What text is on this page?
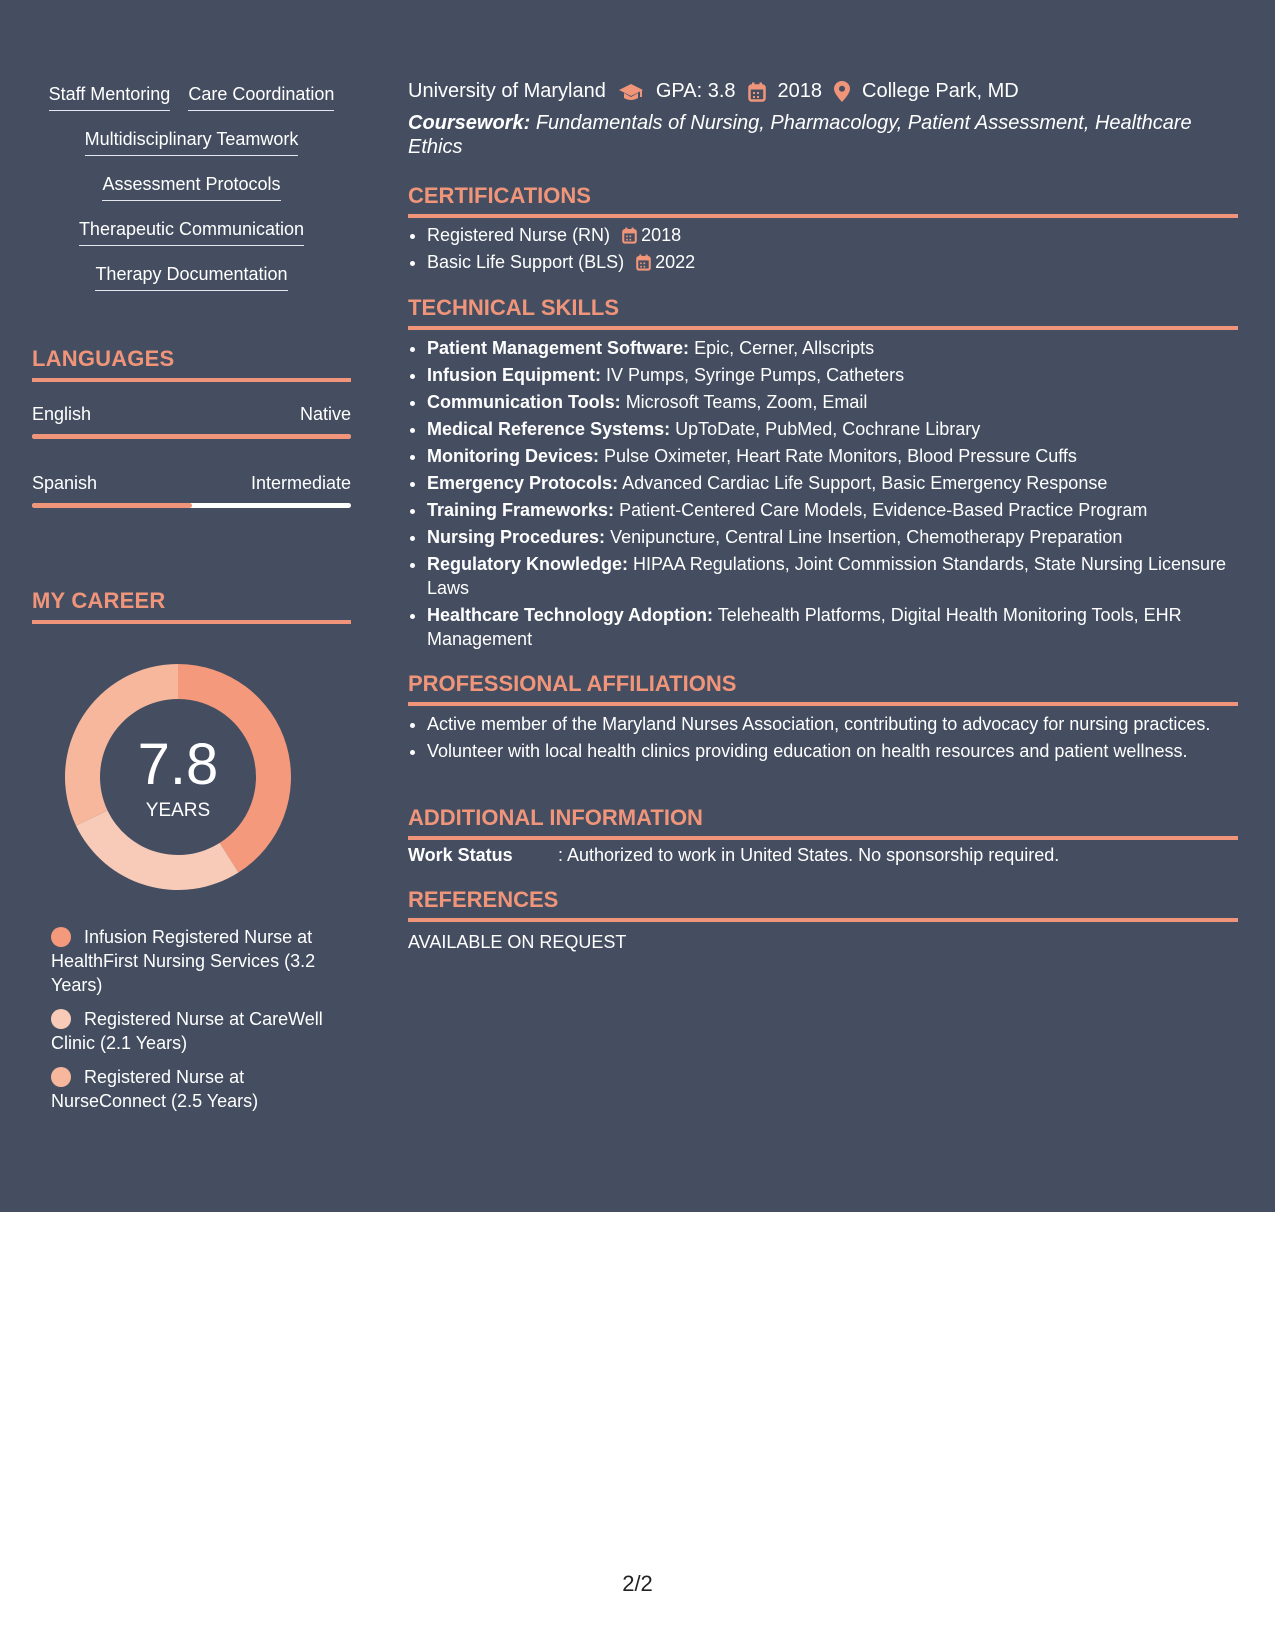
Staff Mentoring Care Coordination
Multidisciplinary Teamwork
Assessment Protocols
Therapeutic Communication
Therapy Documentation
LANGUAGES
English	Native
Spanish	Intermediate
MY CAREER
7.8
YEARS
Infusion Registered Nurse at HealthFirst Nursing Services (3.2 Years)
Registered Nurse at CareWell Clinic (2.1 Years)
Registered Nurse at NurseConnect (2.5 Years)
University of Maryland	GPA: 3.8 2018 College Park, MD
Coursework: Fundamentals of Nursing, Pharmacology, Patient Assessment, Healthcare Ethics
CERTIFICATIONS
• Registered Nurse (RN) 2018
• Basic Life Support (BLS) 2022
TECHNICAL SKILLS
• Patient Management Software: Epic, Cerner, Allscripts
• Infusion Equipment: IV Pumps, Syringe Pumps, Catheters
• Communication Tools: Microsoft Teams, Zoom, Email
• Medical Reference Systems: UpToDate, PubMed, Cochrane Library
• Monitoring Devices: Pulse Oximeter, Heart Rate Monitors, Blood Pressure Cuffs
• Emergency Protocols: Advanced Cardiac Life Support, Basic Emergency Response
• Training Frameworks: Patient-Centered Care Models, Evidence-Based Practice Program
• Nursing Procedures: Venipuncture, Central Line Insertion, Chemotherapy Preparation
• Regulatory Knowledge: HIPAA Regulations, Joint Commission Standards, State Nursing Licensure Laws
• Healthcare Technology Adoption: Telehealth Platforms, Digital Health Monitoring Tools, EHR Management
PROFESSIONAL AFFILIATIONS
• Active member of the Maryland Nurses Association, contributing to advocacy for nursing practices.
• Volunteer with local health clinics providing education on health resources and patient wellness.
ADDITIONAL INFORMATION
Work Status	: Authorized to work in United States. No sponsorship required.
REFERENCES
AVAILABLE ON REQUEST
2/2
